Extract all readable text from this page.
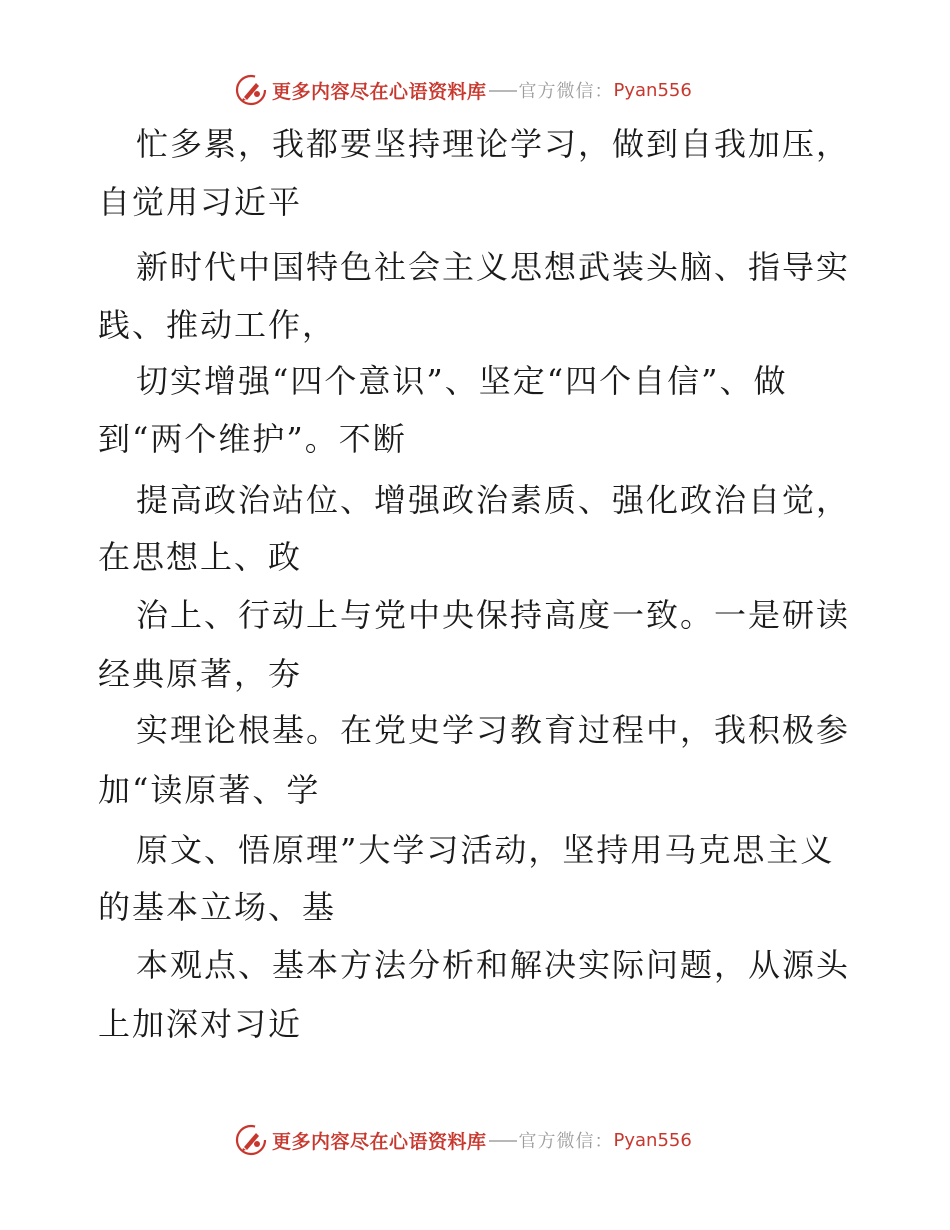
更多内容尽在心语资料库 官方微信： Pyan556
忙多累，我都要坚持理论学习，做到自我加压，
自觉用习近平
新时代中国特色社会主义思想武装头脑、指导实
践、推动工作，
切实增强“四个意识”、坚定“四个自信”、做
到“两个维护”。不断
提高政治站位、增强政治素质、强化政治自觉，
在思想上、政
治上、行动上与党中央保持高度一致。一是研读
经典原著，夯
实理论根基。在党史学习教育过程中，我积极参
加“读原著、学
原文、悟原理”大学习活动，坚持用马克思主义
的基本立场、基
本观点、基本方法分析和解决实际问题，从源头
上加深对习近
更多内容尽在心语资料库 官方微信： Pyan556
